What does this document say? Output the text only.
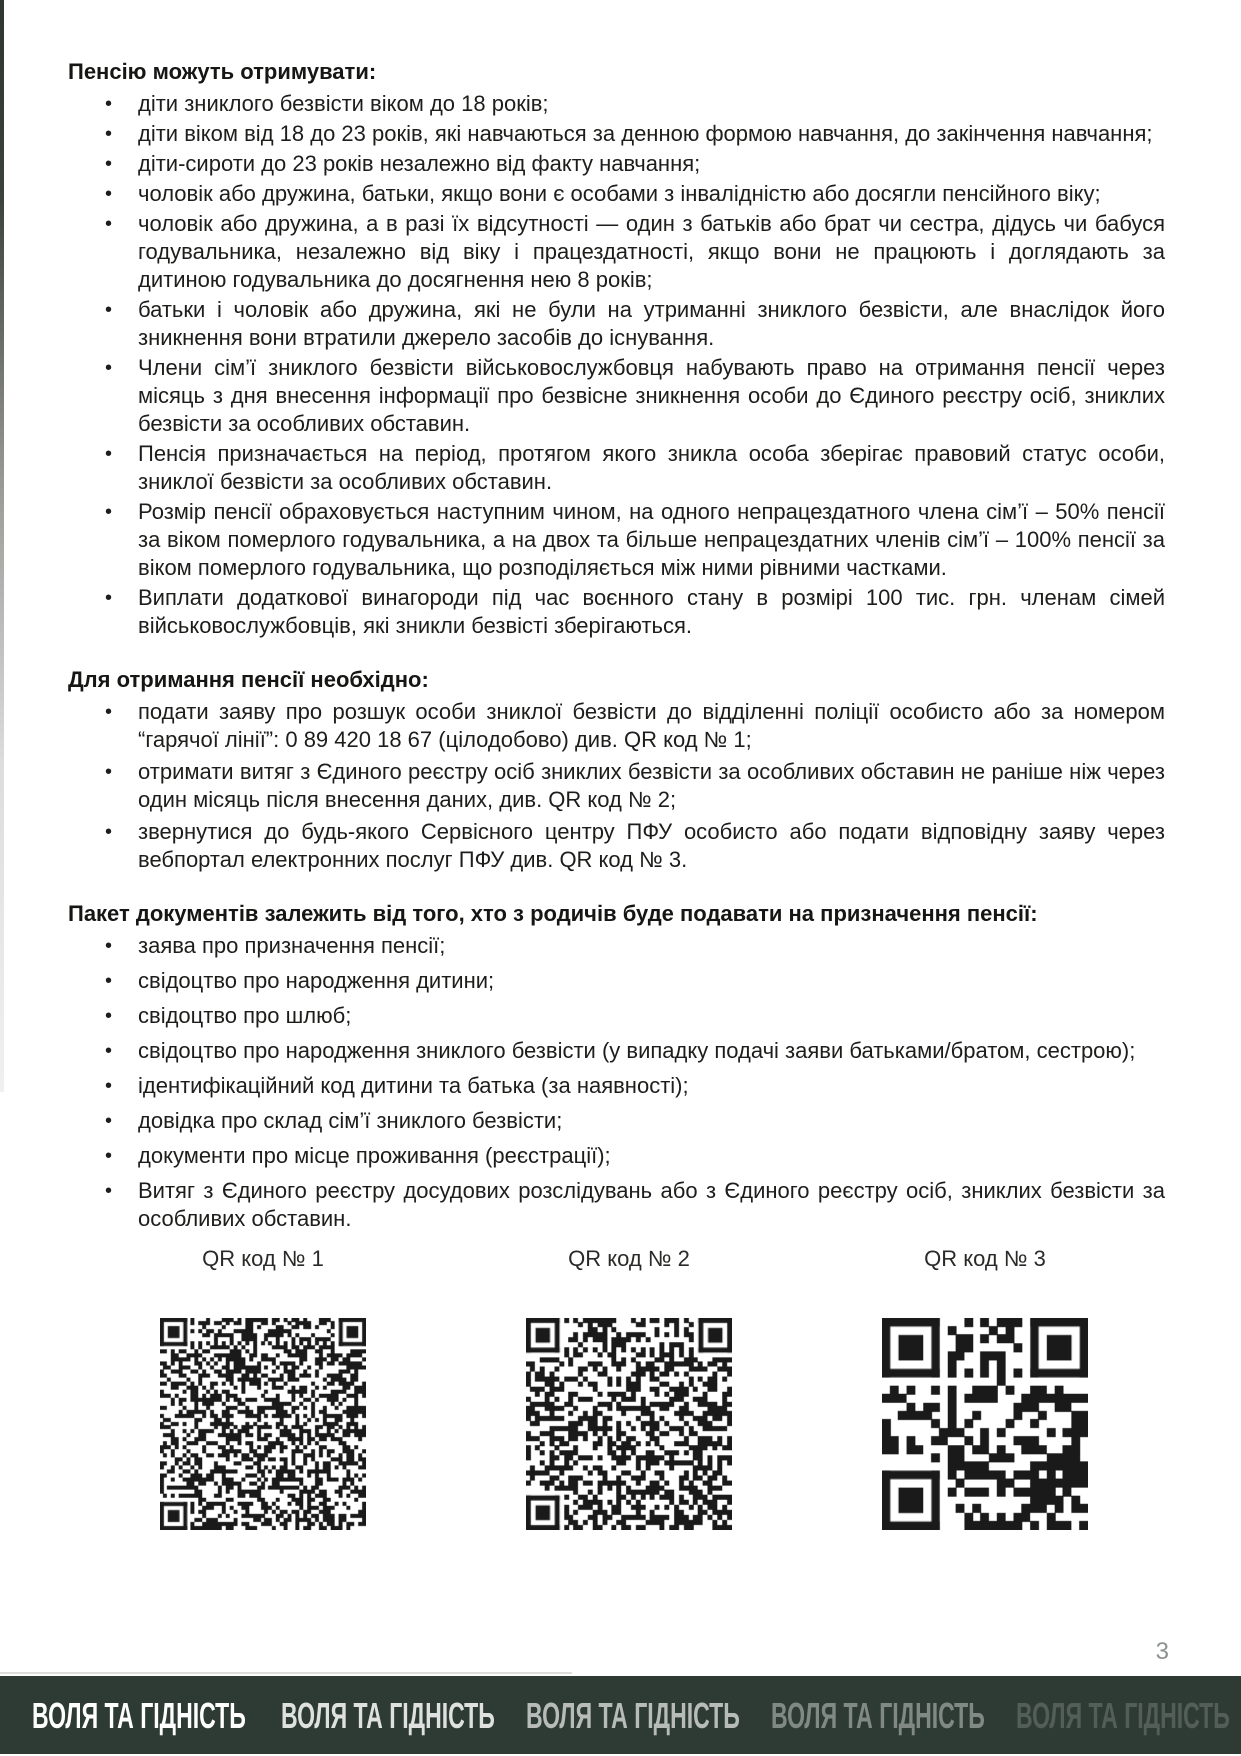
Пенсію можуть отримувати:
• діти зниклого безвісти віком до 18 років;
• діти віком від 18 до 23 років, які навчаються за денною формою навчання, до закінчення навчання;
• діти-сироти до 23 років незалежно від факту навчання;
• чоловік або дружина, батьки, якщо вони є особами з інвалідністю або досягли пенсійного віку;
• чоловік або дружина, а в разі їх відсутності — один з батьків або брат чи сестра, дідусь чи бабуся годувальника, незалежно від віку і працездатності, якщо вони не працюють і доглядають за дитиною годувальника до досягнення нею 8 років;
• батьки і чоловік або дружина, які не були на утриманні зниклого безвісти, але внаслідок його зникнення вони втратили джерело засобів до існування.
• Члени сім’ї зниклого безвісти військовослужбовця набувають право на отримання пенсії через місяць з дня внесення інформації про безвісне зникнення особи до Єдиного реєстру осіб, зниклих безвісти за особливих обставин.
• Пенсія призначається на період, протягом якого зникла особа зберігає правовий статус особи, зниклої безвісти за особливих обставин.
• Розмір пенсії обраховується наступним чином, на одного непрацездатного члена сім’ї – 50% пенсії за віком померлого годувальника, а на двох та більше непрацездатних членів сім’ї – 100% пенсії за віком померлого годувальника, що розподіляється між ними рівними частками.
• Виплати додаткової винагороди під час воєнного стану в розмірі 100 тис. грн. членам сімей військовослужбовців, які зникли безвісті зберігаються.
Для отримання пенсії необхідно:
• подати заяву про розшук особи зниклої безвісти до відділенні поліції особисто або за номером “гарячої лінії”: 0 89 420 18 67 (цілодобово) див. QR код № 1;
• отримати витяг з Єдиного реєстру осіб зниклих безвісти за особливих обставин не раніше ніж через один місяць після внесення даних, див. QR код № 2;
• звернутися до будь-якого Сервісного центру ПФУ особисто або подати відповідну заяву через вебпортал електронних послуг ПФУ див. QR код № 3.
Пакет документів залежить від того, хто з родичів буде подавати на призначення пенсії:
• заява про призначення пенсії;
• свідоцтво про народження дитини;
• свідоцтво про шлюб;
• свідоцтво про народження зниклого безвісти (у випадку подачі заяви батьками/братом, сестрою);
• ідентифікаційний код дитини та батька (за наявності);
• довідка про склад сім’ї зниклого безвісти;
• документи про місце проживання (реєстрації);
• Витяг з Єдиного реєстру досудових розслідувань або з Єдиного реєстру осіб, зниклих безвісти за особливих обставин.
QR код № 1	QR код № 2	QR код № 3
3
ВОЛЯ ТА ГІДНІСТЬ ВОЛЯ ТА ГІДНІСТЬ ВОЛЯ ТА ГІДНІСТЬ ВОЛЯ ТА ГІДНІСТЬ ВОЛЯ ТА ГІДНІСТЬ
